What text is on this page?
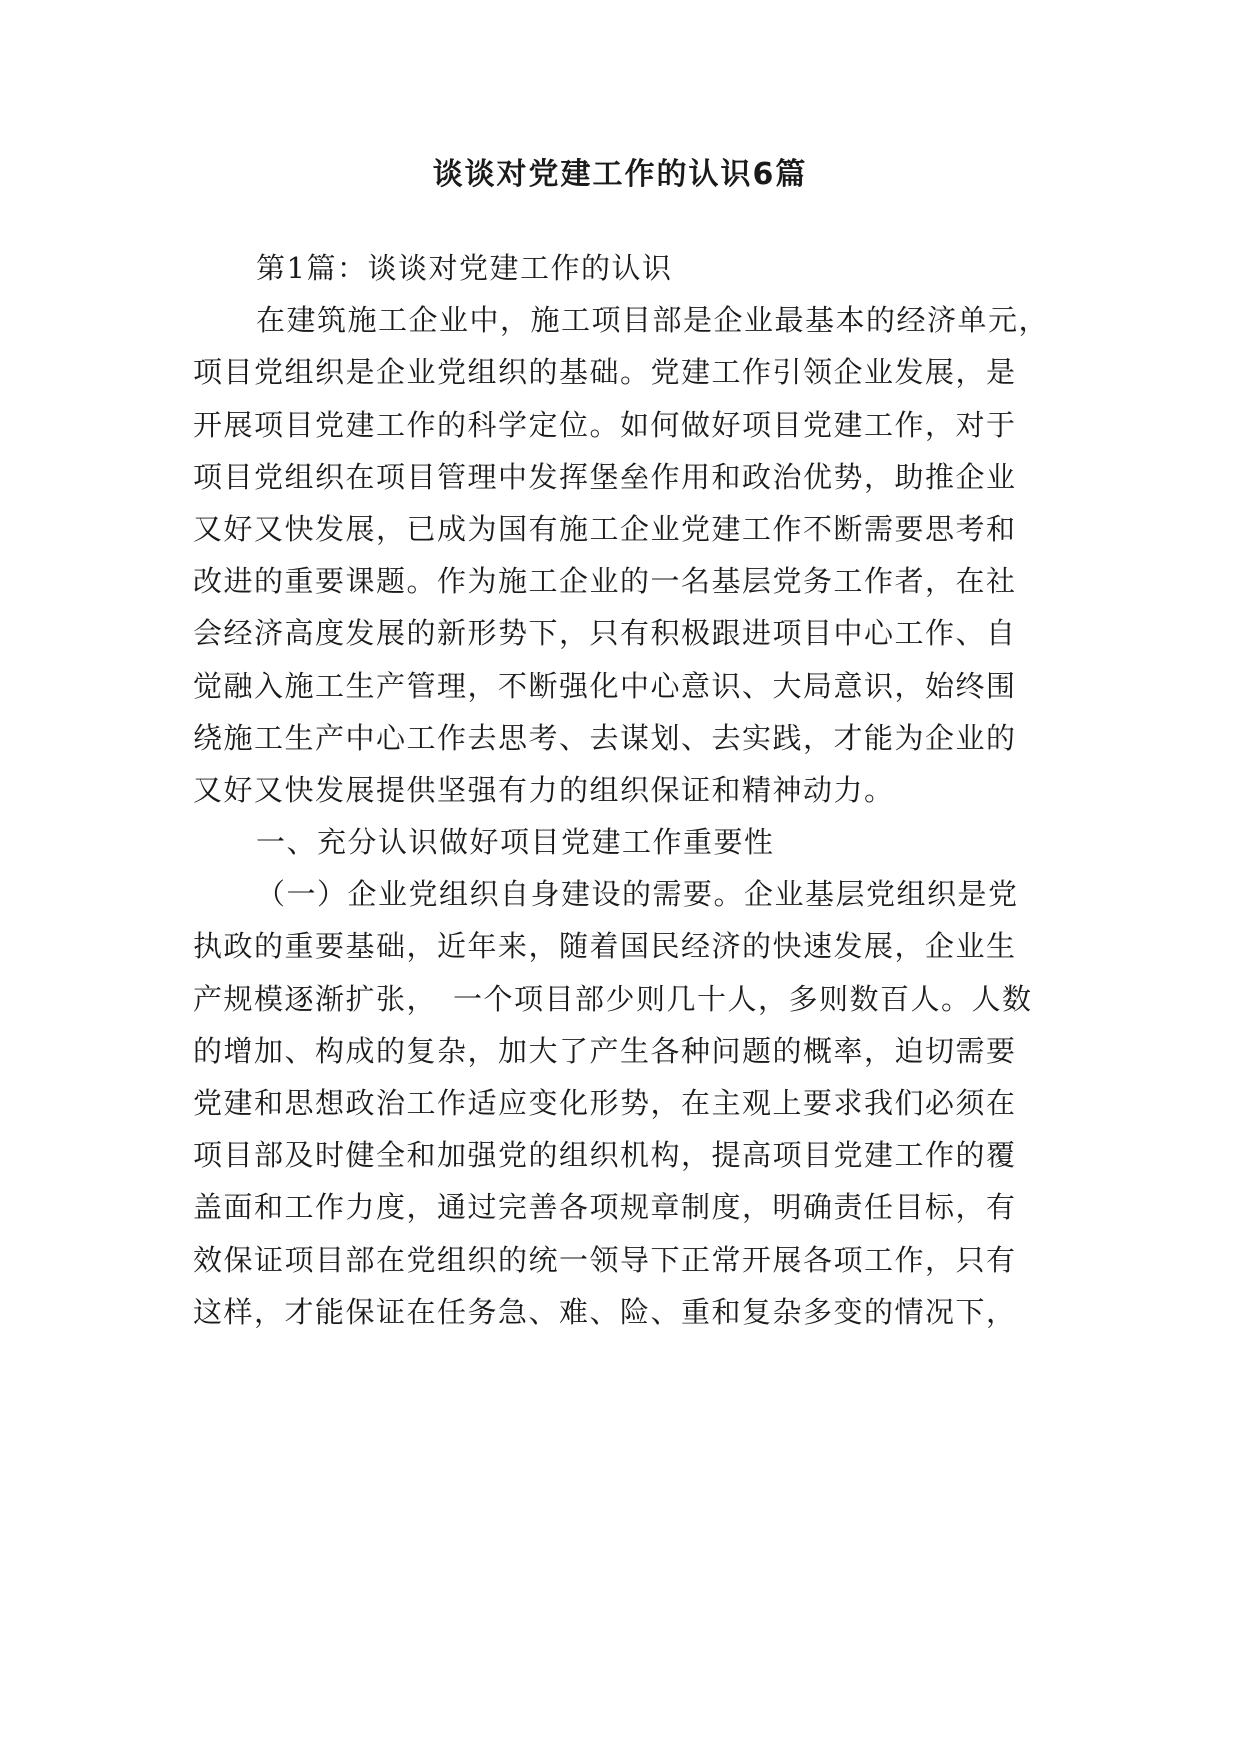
谈谈对党建工作的认识6篇
第1篇：谈谈对党建工作的认识
在建筑施工企业中，施工项目部是企业最基本的经济单元，
项目党组织是企业党组织的基础。党建工作引领企业发展，是
开展项目党建工作的科学定位。如何做好项目党建工作，对于
项目党组织在项目管理中发挥堡垒作用和政治优势，助推企业
又好又快发展，已成为国有施工企业党建工作不断需要思考和
改进的重要课题。作为施工企业的一名基层党务工作者，在社
会经济高度发展的新形势下，只有积极跟进项目中心工作、自
觉融入施工生产管理，不断强化中心意识、大局意识，始终围
绕施工生产中心工作去思考、去谋划、去实践，才能为企业的
又好又快发展提供坚强有力的组织保证和精神动力。
一、充分认识做好项目党建工作重要性
（一）企业党组织自身建设的需要。企业基层党组织是党
执政的重要基础，近年来，随着国民经济的快速发展，企业生
产规模逐渐扩张，　一个项目部少则几十人，多则数百人。人数
的增加、构成的复杂，加大了产生各种问题的概率，迫切需要
党建和思想政治工作适应变化形势，在主观上要求我们必须在
项目部及时健全和加强党的组织机构，提高项目党建工作的覆
盖面和工作力度，通过完善各项规章制度，明确责任目标，有
效保证项目部在党组织的统一领导下正常开展各项工作，只有
这样，才能保证在任务急、难、险、重和复杂多变的情况下，
